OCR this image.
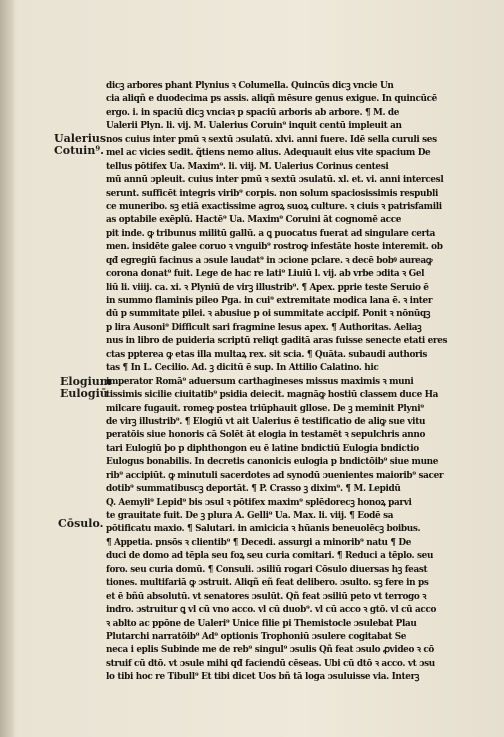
Ualerius
Cotuin⁹.
Elogium
Eulogiū
Cōsulo.
dicꝫ arbores phant Plynius ꝛ Columella. Quincūs dicꝫ vncie Un
cia aliqñ e duodecima ps assis. aliqñ mēsure genus exigue. In quincūcē
ergo. i. in spaciū dicꝫ vnciaꝛ p spaciū arboris ab arbore. ¶ M. de
Ualerii Plyn. li. vij. M. Ualerius Coruin⁹ inquit centū impleuit an
nos cuius inter pmū ꝛ sextū ɔsulatū. xlvi. anni fuere. Idē sella curuli ses
mel ac vicies sedit. q̃tiens nemo alius. Adequauit eius vite spacium De
tellus pōtifex Ua. Maxim⁹. li. viij. M. Ualerius Corinus centesi
mū annū ɔpleuit. cuius inter pmū ꝛ sextū ɔsulatū. xl. et. vi. anni intercesl
serunt. sufficēt integris virib⁹ corpis. non solum spaciosissimis respubli
ce muneribo. sꝫ etiā exactissime agroꝝ suoꝝ culture. ꝛ ciuis ꝛ patrisfamili
as optabile exēplū. Hactē⁹ Ua. Maxim⁹ Coruini āt cognomē acce
pit inde. ꝙ tribunus militū gallū. a ꝗ puocatus fuerat ad singulare certa
men. insidēte galee coruo ꝛ vnguib⁹ rostroꝙ infestāte hoste interemit. ob
qđ egregiū facinus a ɔsule laudat⁹ in ɔcione pclare. ꝛ decē bobꝰ aureaꝙ
corona donat⁹ fuit. Lege de hac re lati⁹ Liuiū l. vij. ab vrbe ɔdita ꝛ Gel
liū li. viiij. ca. xi. ꝛ Plyniū de virꝫ illustrib⁹. ¶ Apex. pprie teste Seruio ē
in summo flaminis pileo Pga. in cui⁹ extremitate modica lana ē. ꝛ inter
dū p summitate pilei. ꝛ abusiue p oi summitate accipif. Ponit ꝛ nōnūqꝫ
p lira Ausoni⁹ Difficult sari fragmine lesus apex. ¶ Authoritas. Aeliaꝫ
nus in libro de puideria scriptū reliqt gaditā aras fuisse senecte etati eres
ctas ppterea ꝙ etas illa multaꝝ rex. sit scia. ¶ Quāta. subaudi authoris
tas ¶ In L. Cecilio. Ad. ꝫ dicitū ē sup. In Attilio Calatino. hic
imperator Romā⁹ aduersum carthagineses missus maximis ꝛ muni
tissimis sicilie ciuitatib⁹ psidia deiecit. magnāꝙ hostiū classem duce Ha
milcare fugauit. romeꝙ postea triūphauit gllose. De ꝫ meminit Plyni⁹
de virꝫ illustrib⁹. ¶ Elogiū vt ait Ualerius ē testificatio de aliꝙ sue vitu
peratōis siue honoris cā Solēt āt elogia in testamēt ꝛ sepulchris anno
tari Eulogiū þo p diphthongon eu ē latine bndictiū Eulogia bndictio
Eulogus bonabilis. In decretis canonicis eulogia p bndictōib⁹ siue mune
rib⁹ accipiūt. ꝙ minutuli sacerdotes ad synodū ɔuenientes maiorib⁹ sacer
dotib⁹ summatibuscꝫ deportāt. ¶ P. Crasso ꝫ dixim⁹. ¶ M. Lepidū
Q. Aemyli⁹ Lepid⁹ bis ɔsul ꝛ pōtifex maxim⁹ splēdorecꝫ honoꝝ parvi
te grauitate fuit. De ꝫ plura A. Gelli⁹ Ua. Max. li. viij. ¶ Eodē sa
pōtificatu maxio. ¶ Salutari. in amicicia ꝛ hūanis beneuolēcꝫ boibus.
¶ Appetia. pnsōs ꝛ clientib⁹ ¶ Decedi. assurgi a minorib⁹ natu ¶ De
duci de domo ad tēpla seu foꝝ seu curia comitari. ¶ Reduci a tēplo. seu
foro. seu curia domū. ¶ Consuli. ɔsiliū rogari Cōsulo diuersas hꝫ feast
tiones. multifariā ꝙ ɔstruit. Aliqñ eñ feat delibero. ɔsulto. sꝫ fere in ps
et ē bñū absolutū. vt senatores ɔsulūt. Qñ feat ɔsiliū peto vt terrogo ꝛ
indro. ɔstruitur ꝗ vl cū vno acco. vl cū duob⁹. vl cū acco ꝛ gtō. vl cū acco
ꝛ ablto ac ppōne de Ualeri⁹ Unice filie pi Themistocle ɔsulebat Plau
Plutarchi narratōib⁹ Ad⁹ optionis Trophoniū ɔsulere cogitabat Se
neca i eplis Subinde me de reb⁹ singul⁹ ɔsulis Qñ feat ɔsulo ꝓvideo ꝛ cō
struif cū dtō. vt ɔsule mihi qđ faciendū cēseas. Ubi cū dtō ꝛ acco. vt ɔsu
lo tibi hoc re Tibull⁹ Et tibi dicet Uos bñ tā loga ɔsuluisse via. Interꝫ
